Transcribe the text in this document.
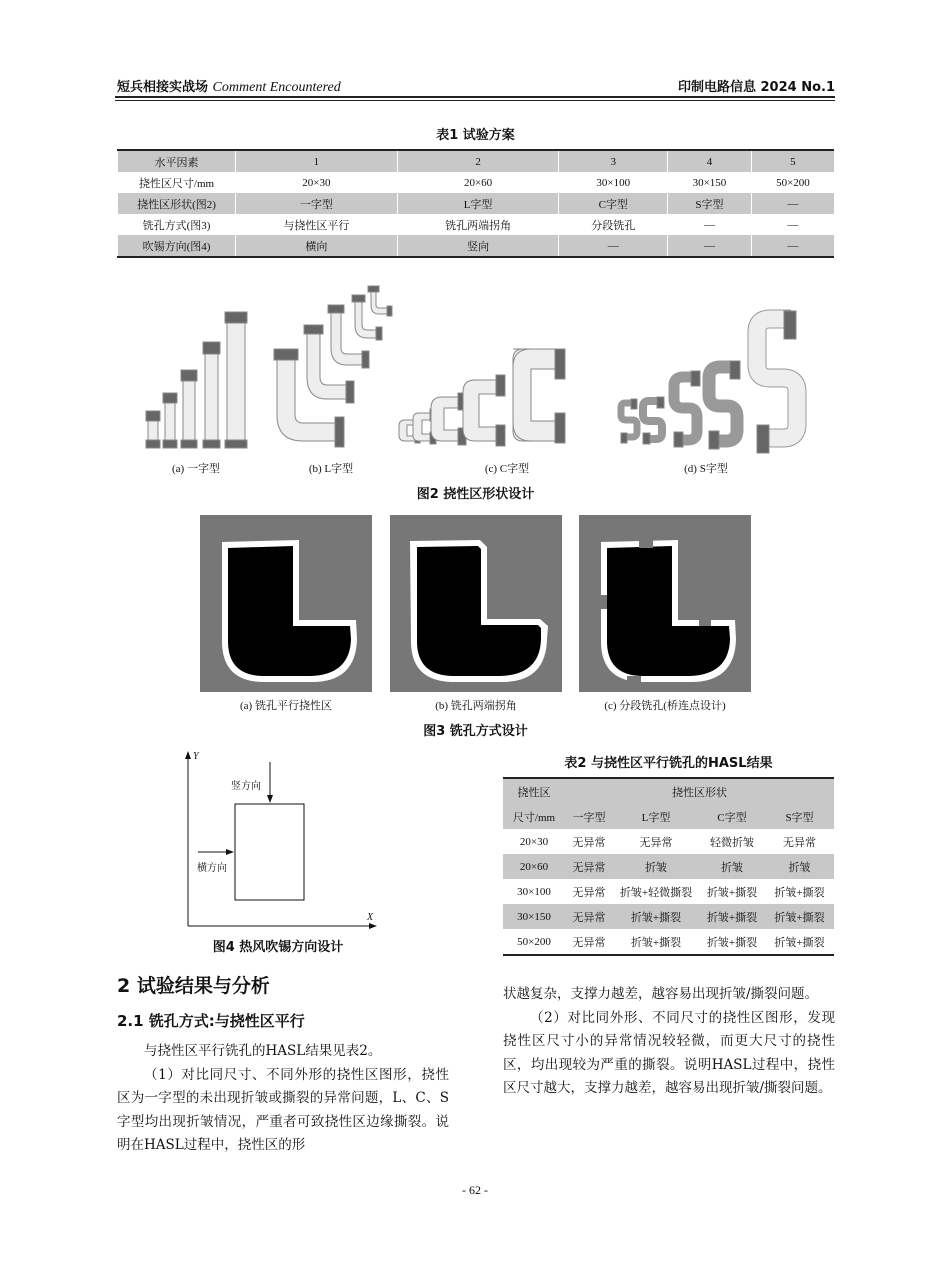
短兵相接实战场 Comment Encountered	印制电路信息 2024 No.1
表1 试验方案
水平因素	1	2	3	4	5
挠性区尺寸/mm	20×30	20×60	30×100	30×150	50×200
挠性区形状(图2)	一字型	L字型	C字型	S字型	—
铣孔方式(图3)	与挠性区平行	铣孔两端拐角	分段铣孔	—	—
吹锡方向(图4)	横向	竖向	—	—	—
(a) 一字型	(b) L字型	(c) C字型	(d) S字型
图2 挠性区形状设计
(a) 铣孔平行挠性区	(b) 铣孔两端拐角	(c) 分段铣孔(桥连点设计)
图3 铣孔方式设计
Y
X
竖方向
横方向
图4 热风吹锡方向设计
表2 与挠性区平行铣孔的HASL结果
挠性区	挠性区形状			
尺寸/mm	一字型	L字型	C字型	S字型
20×30	无异常	无异常	轻微折皱	无异常
20×60	无异常	折皱	折皱	折皱
30×100	无异常	折皱+轻微撕裂	折皱+撕裂	折皱+撕裂
30×150	无异常	折皱+撕裂	折皱+撕裂	折皱+撕裂
50×200	无异常	折皱+撕裂	折皱+撕裂	折皱+撕裂
2 试验结果与分析
2.1 铣孔方式:与挠性区平行

与挠性区平行铣孔的HASL结果见表2。

（1）对比同尺寸、不同外形的挠性区图形，挠性区为一字型的未出现折皱或撕裂的异常问题，L、C、S字型均出现折皱情况，严重者可致挠性区边缘撕裂。说明在HASL过程中，挠性区的形

状越复杂，支撑力越差，越容易出现折皱/撕裂问题。

（2）对比同外形、不同尺寸的挠性区图形，发现挠性区尺寸小的异常情况较轻微，而更大尺寸的挠性区，均出现较为严重的撕裂。说明HASL过程中，挠性区尺寸越大，支撑力越差，越容易出现折皱/撕裂问题。

- 62 -
